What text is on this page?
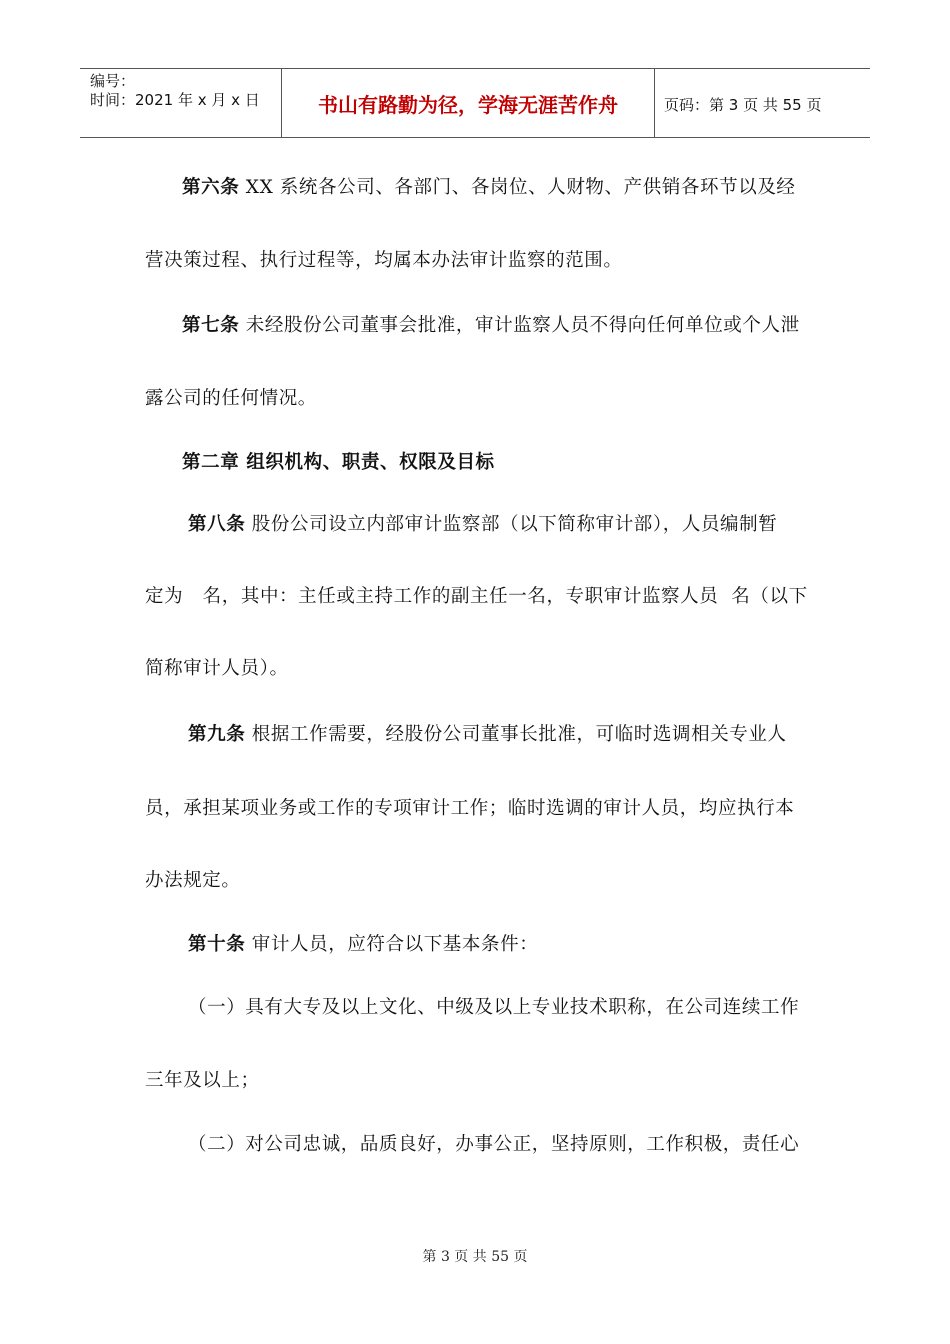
编号：
时间：2021 年 x 月 x 日	书山有路勤为径，学海无涯苦作舟	页码：第 3 页 共 55 页
第六条 XX 系统各公司、各部门、各岗位、人财物、产供销各环节以及经
营决策过程、执行过程等，均属本办法审计监察的范围。
第七条 未经股份公司董事会批准，审计监察人员不得向任何单位或个人泄
露公司的任何情况。
第二章 组织机构、职责、权限及目标
第八条 股份公司设立内部审计监察部（以下简称审计部），人员编制暂
定为   名，其中：主任或主持工作的副主任一名，专职审计监察人员  名（以下
简称审计人员）。
第九条 根据工作需要，经股份公司董事长批准，可临时选调相关专业人
员，承担某项业务或工作的专项审计工作；临时选调的审计人员，均应执行本
办法规定。
第十条 审计人员，应符合以下基本条件：
（一）具有大专及以上文化、中级及以上专业技术职称，在公司连续工作
三年及以上；
（二）对公司忠诚，品质良好，办事公正，坚持原则，工作积极，责任心
第 3 页 共 55 页
